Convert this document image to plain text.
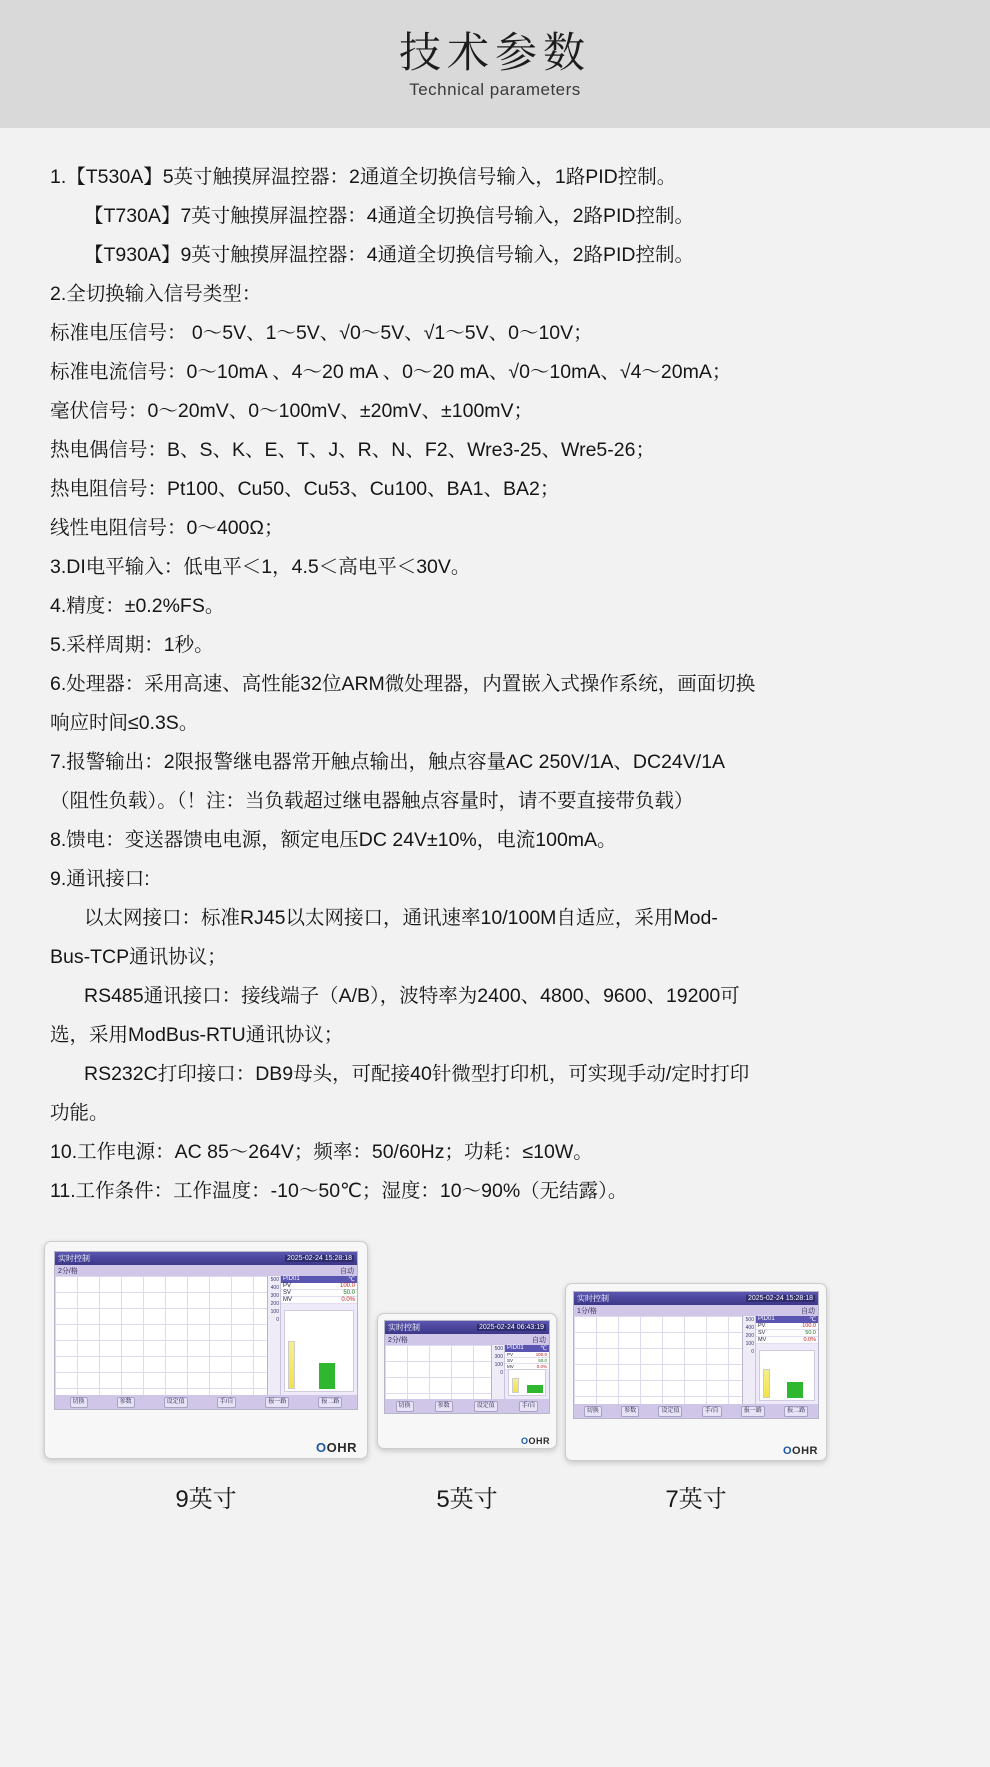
技术参数
Technical parameters
1.【T530A】5英寸触摸屏温控器：2通道全切换信号输入，1路PID控制。
【T730A】7英寸触摸屏温控器：4通道全切换信号输入，2路PID控制。
【T930A】9英寸触摸屏温控器：4通道全切换信号输入，2路PID控制。
2.全切换输入信号类型：
标准电压信号： 0～5V、1～5V、√0～5V、√1～5V、0～10V；
标准电流信号：0～10mA 、4～20 mA 、0～20 mA、√0～10mA、√4～20mA；
毫伏信号：0～20mV、0～100mV、±20mV、±100mV；
热电偶信号：B、S、K、E、T、J、R、N、F2、Wre3-25、Wre5-26；
热电阻信号：Pt100、Cu50、Cu53、Cu100、BA1、BA2；
线性电阻信号：0～400Ω；
3.DI电平输入：低电平＜1，4.5＜高电平＜30V。
4.精度：±0.2%FS。
5.采样周期：1秒。
6.处理器：采用高速、高性能32位ARM微处理器，内置嵌入式操作系统，画面切换
响应时间≤0.3S。
7.报警输出：2限报警继电器常开触点输出，触点容量AC 250V/1A、DC24V/1A
（阻性负载）。（！注：当负载超过继电器触点容量时，请不要直接带负载）
8.馈电：变送器馈电电源，额定电压DC 24V±10%，电流100mA。
9.通讯接口:
以太网接口：标准RJ45以太网接口，通讯速率10/100M自适应，采用Mod-
Bus-TCP通讯协议；
RS485通讯接口：接线端子（A/B），波特率为2400、4800、9600、19200可
选，采用ModBus-RTU通讯协议；
RS232C打印接口：DB9母头，可配接40针微型打印机，可实现手动/定时打印
功能。
10.工作电源：AC 85～264V；频率：50/60Hz；功耗：≤10W。
11.工作条件：工作温度：-10～50℃；湿度：10～90%（无结露）。
实时控制	2025-02-24 15:28:18
2分/格	自动
500
400
300
200
100
0
PID01	℃
PV	100.0
SV	50.0
MV	0.0%
切换	参数	设定值	手/自	报一路	报二路
OOHR
实时控制	2025-02-24 06:43:19
2分/格	自动
500
300
100
0
PID01	℃
PV	100.0
SV	50.0
MV	0.0%
切换	参数	设定值	手/自
OOHR
实时控制	2025-02-24 15:28:18
1分/格	自动
500
400
200
100
0
PID01	℃
PV	100.0
SV	50.0
MV	0.0%
切换	参数	设定值	手/自	报一路	报二路
OOHR
9英寸	5英寸	7英寸
